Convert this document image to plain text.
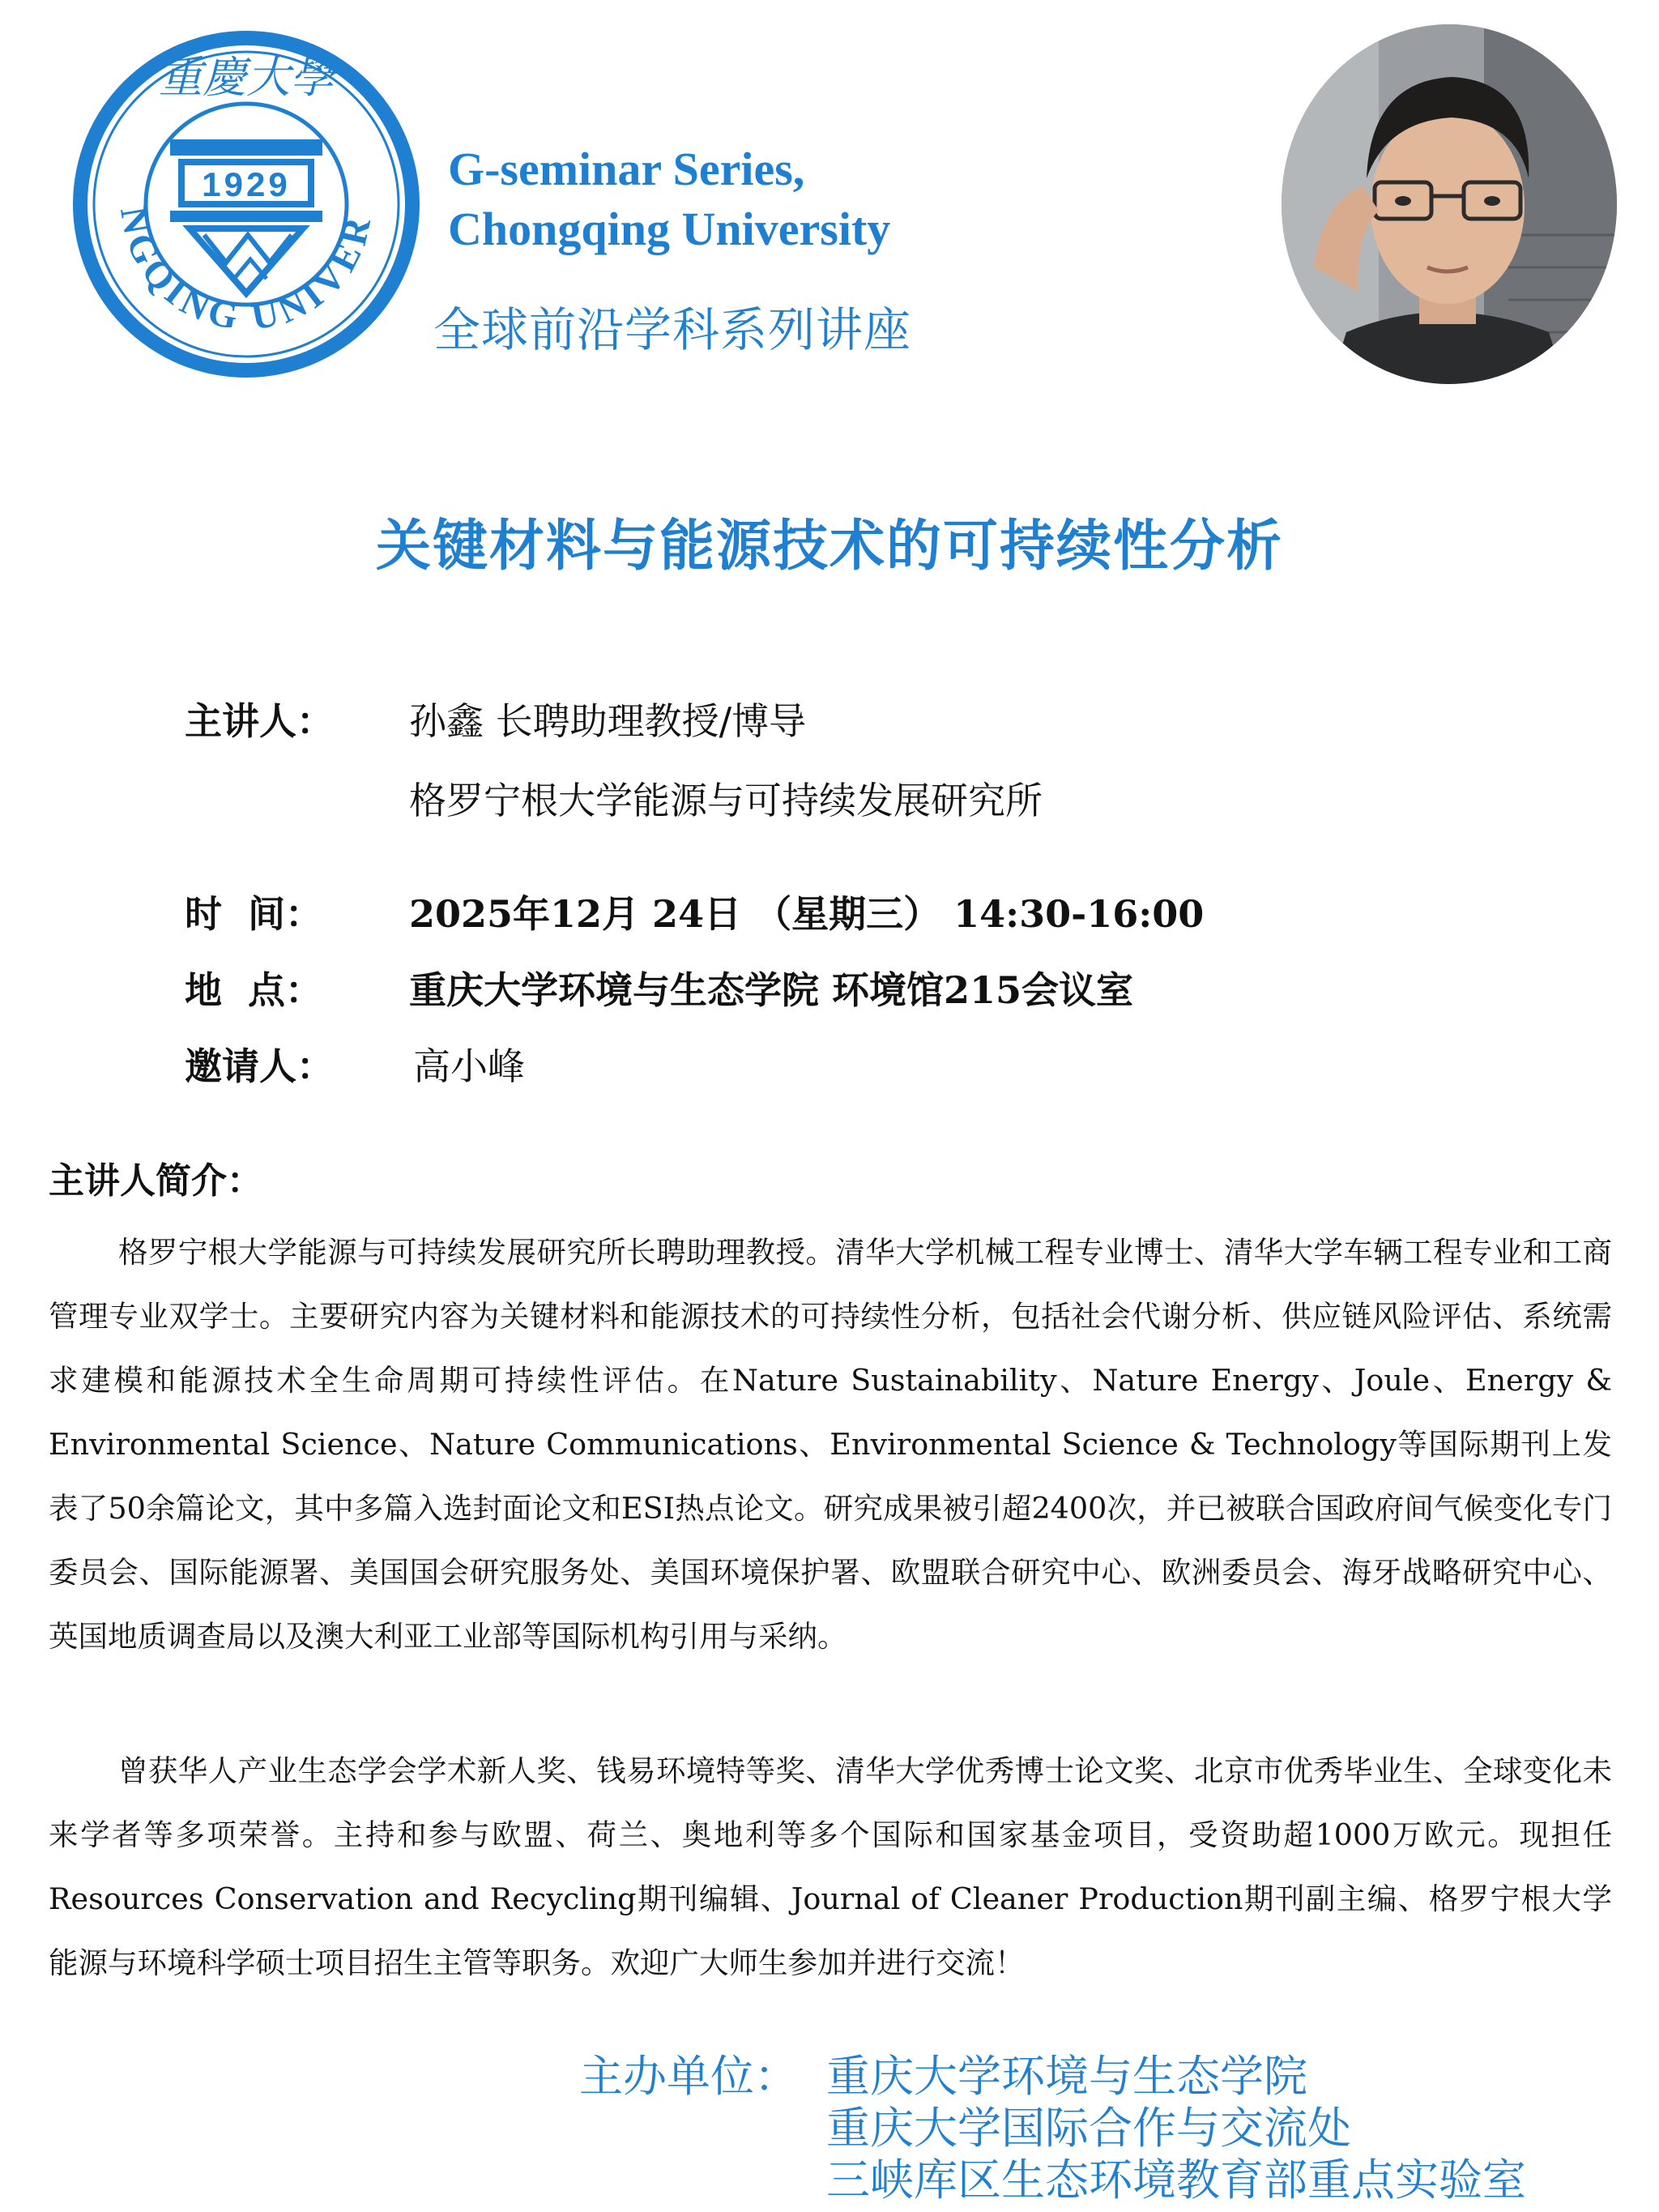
NGQING UNIVER
重慶大學
1929	G-seminar Series,
Chongqing University
全球前沿学科系列讲座
关键材料与能源技术的可持续性分析
主讲人： 孙鑫 长聘助理教授/博导
格罗宁根大学能源与可持续发展研究所
时  间： 2025年12月 24日 （星期三） 14:30-16:00
地  点： 重庆大学环境与生态学院 环境馆215会议室
邀请人： 高小峰
主讲人简介：
格罗宁根大学能源与可持续发展研究所长聘助理教授。清华大学机械工程专业博士、清华大学车辆工程专业和工商管理专业双学士。主要研究内容为关键材料和能源技术的可持续性分析，包括社会代谢分析、供应链风险评估、系统需求建模和能源技术全生命周期可持续性评估。在Nature Sustainability、Nature Energy、Joule、Energy & Environmental Science、Nature Communications、Environmental Science & Technology等国际期刊上发表了50余篇论文，其中多篇入选封面论文和ESI热点论文。研究成果被引超2400次，并已被联合国政府间气候变化专门委员会、国际能源署、美国国会研究服务处、美国环境保护署、欧盟联合研究中心、欧洲委员会、海牙战略研究中心、英国地质调查局以及澳大利亚工业部等国际机构引用与采纳。
曾获华人产业生态学会学术新人奖、钱易环境特等奖、清华大学优秀博士论文奖、北京市优秀毕业生、全球变化未来学者等多项荣誉。主持和参与欧盟、荷兰、奥地利等多个国际和国家基金项目，受资助超1000万欧元。现担任Resources Conservation and Recycling期刊编辑、Journal of Cleaner Production期刊副主编、格罗宁根大学能源与环境科学硕士项目招生主管等职务。欢迎广大师生参加并进行交流！
主办单位： 重庆大学环境与生态学院
重庆大学国际合作与交流处
三峡库区生态环境教育部重点实验室
